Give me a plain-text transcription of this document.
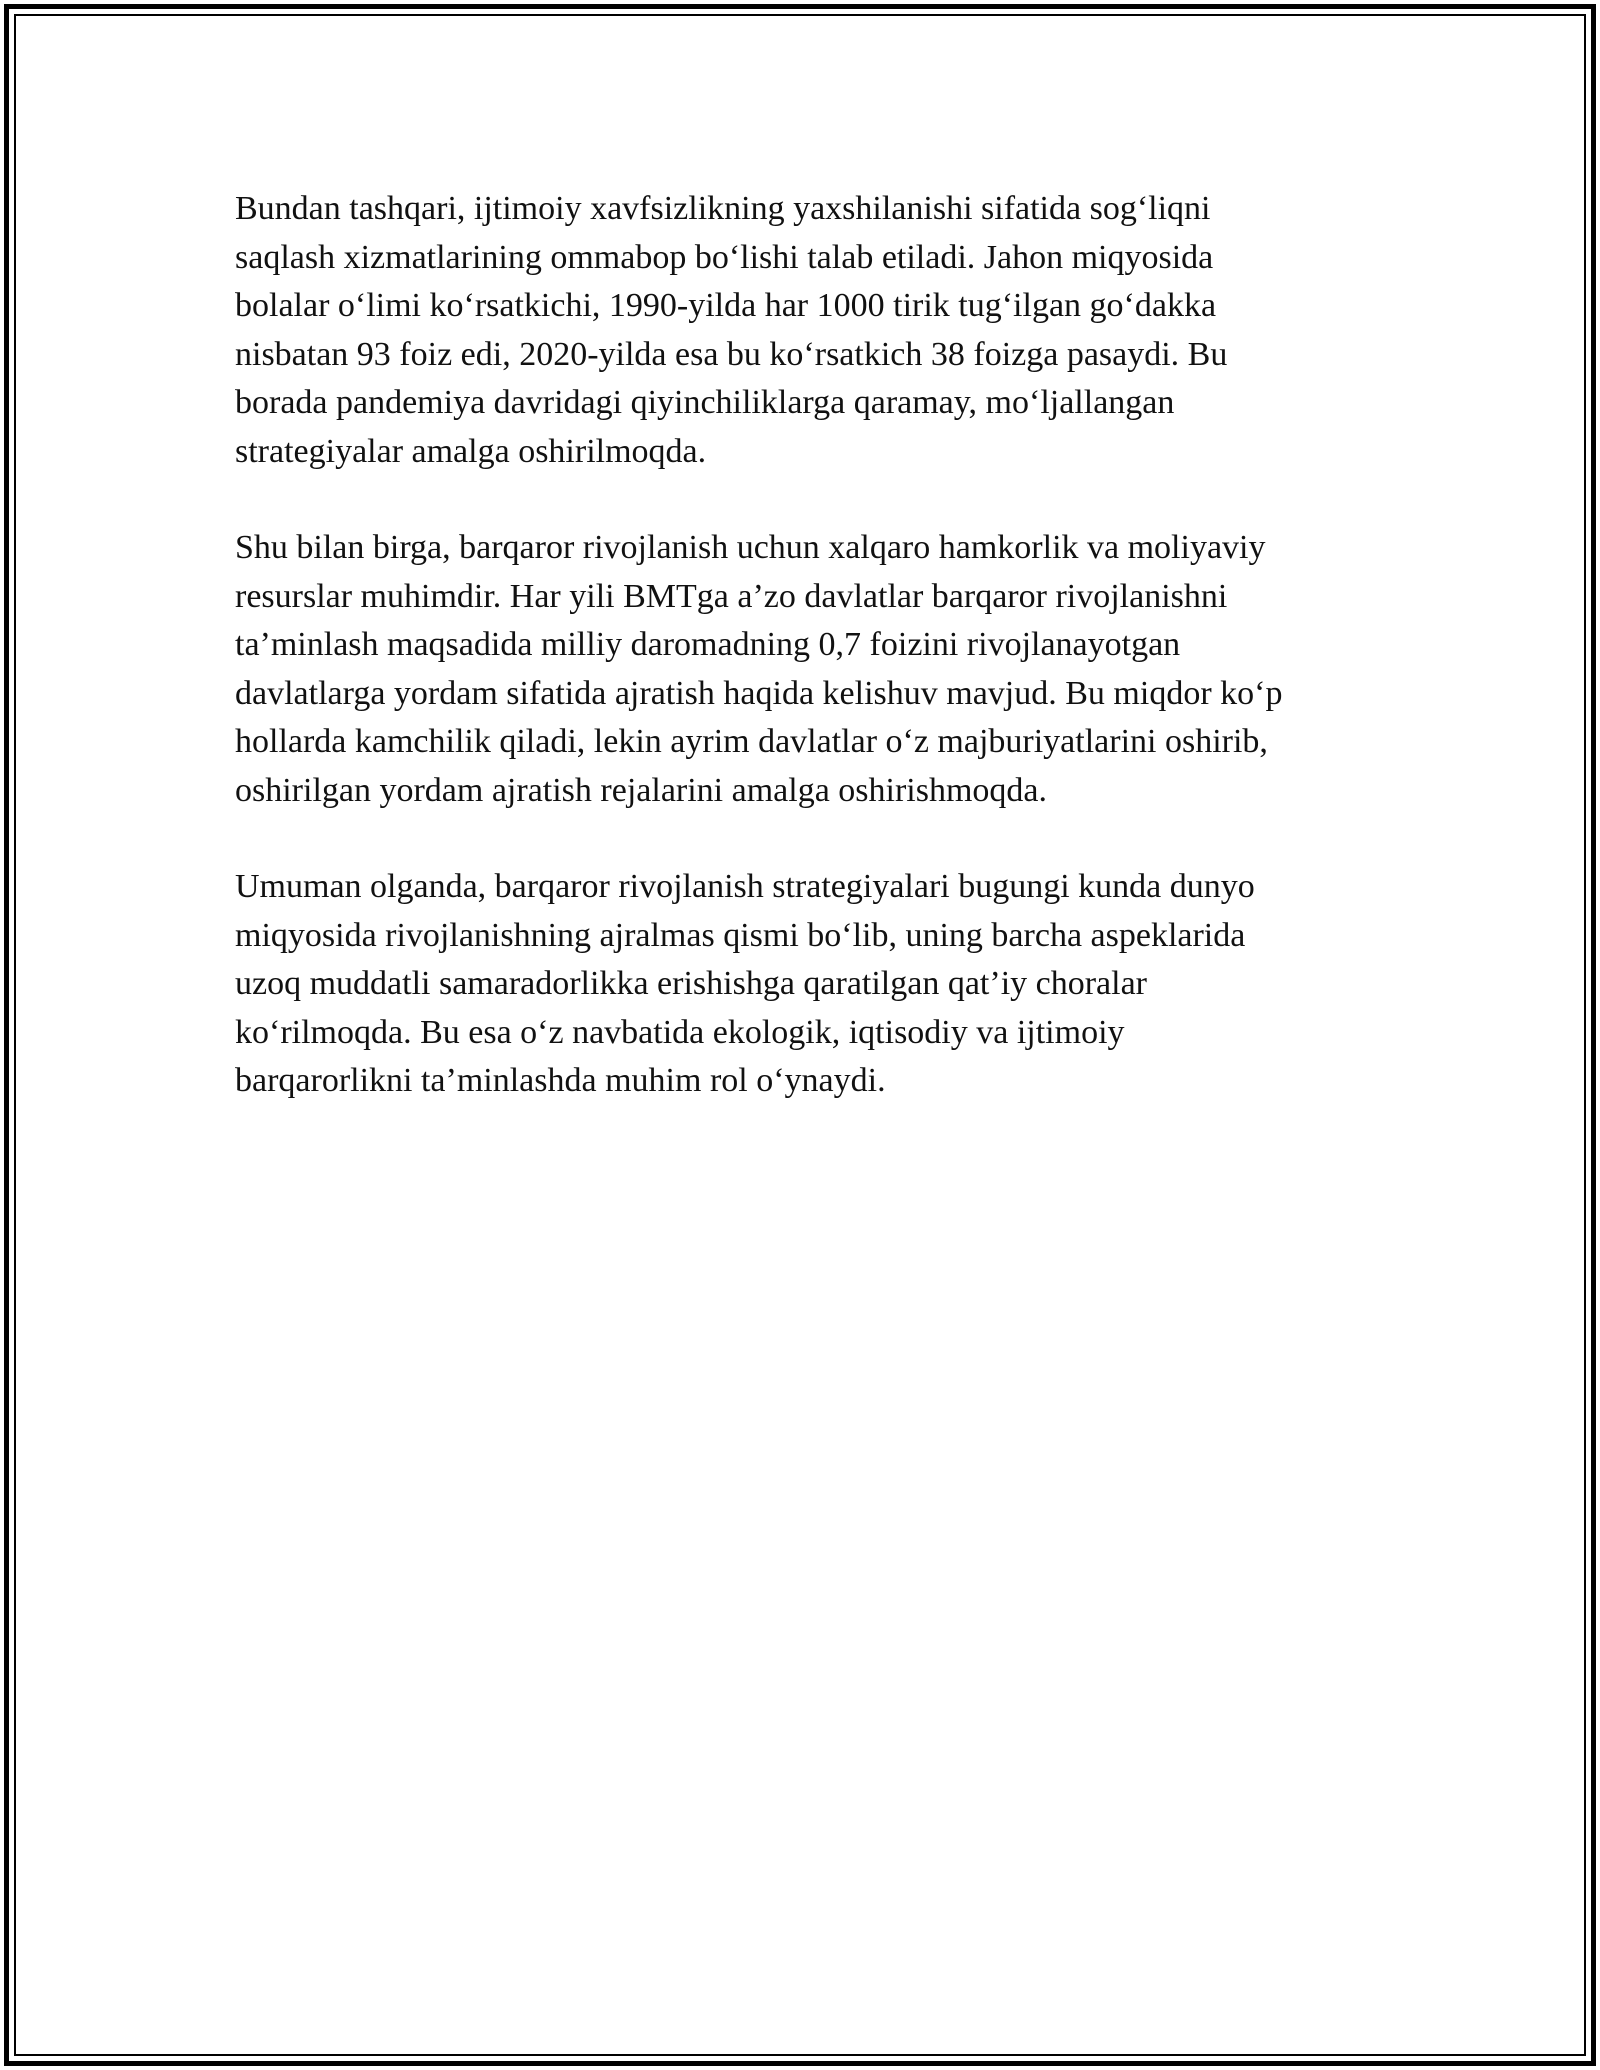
Bundan tashqari, ijtimoiy xavfsizlikning yaxshilanishi sifatida sog‘liqni
saqlash xizmatlarining ommabop bo‘lishi talab etiladi. Jahon miqyosida
bolalar o‘limi ko‘rsatkichi, 1990-yilda har 1000 tirik tug‘ilgan go‘dakka
nisbatan 93 foiz edi, 2020-yilda esa bu ko‘rsatkich 38 foizga pasaydi. Bu
borada pandemiya davridagi qiyinchiliklarga qaramay, mo‘ljallangan
strategiyalar amalga oshirilmoqda.

Shu bilan birga, barqaror rivojlanish uchun xalqaro hamkorlik va moliyaviy
resurslar muhimdir. Har yili BMTga a’zo davlatlar barqaror rivojlanishni
ta’minlash maqsadida milliy daromadning 0,7 foizini rivojlanayotgan
davlatlarga yordam sifatida ajratish haqida kelishuv mavjud. Bu miqdor ko‘p
hollarda kamchilik qiladi, lekin ayrim davlatlar o‘z majburiyatlarini oshirib,
oshirilgan yordam ajratish rejalarini amalga oshirishmoqda.

Umuman olganda, barqaror rivojlanish strategiyalari bugungi kunda dunyo
miqyosida rivojlanishning ajralmas qismi bo‘lib, uning barcha aspeklarida
uzoq muddatli samaradorlikka erishishga qaratilgan qat’iy choralar
ko‘rilmoqda. Bu esa o‘z navbatida ekologik, iqtisodiy va ijtimoiy
barqarorlikni ta’minlashda muhim rol o‘ynaydi.
